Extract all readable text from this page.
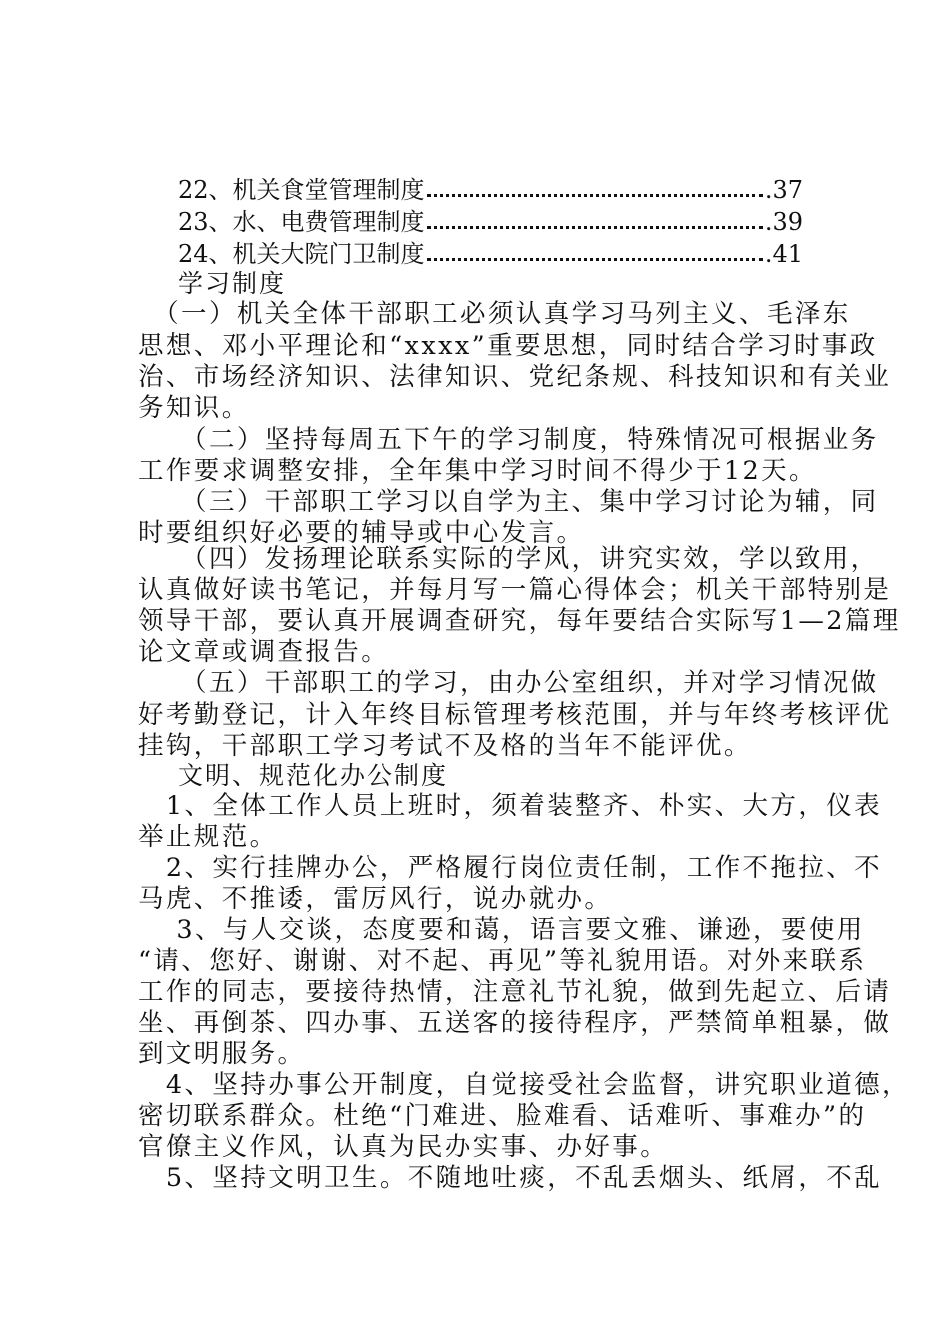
22、机关食堂管理制度	.37
23、水、电费管理制度	.39
24、机关大院门卫制度	.41
学习制度
　（一）机关全体干部职工必须认真学习马列主义、毛泽东
思想、邓小平理论和“xxxx”重要思想，同时结合学习时事政
治、市场经济知识、法律知识、党纪条规、科技知识和有关业
务知识。
　　（二）坚持每周五下午的学习制度，特殊情况可根据业务
工作要求调整安排，全年集中学习时间不得少于12天。
　　（三）干部职工学习以自学为主、集中学习讨论为辅，同
时要组织好必要的辅导或中心发言。
　　（四）发扬理论联系实际的学风，讲究实效，学以致用，
认真做好读书笔记，并每月写一篇心得体会；机关干部特别是
领导干部，要认真开展调查研究，每年要结合实际写1—2篇理
论文章或调查报告。
　　（五）干部职工的学习，由办公室组织，并对学习情况做
好考勤登记，计入年终目标管理考核范围，并与年终考核评优
挂钩，干部职工学习考试不及格的当年不能评优。
文明、规范化办公制度
　1、全体工作人员上班时，须着装整齐、朴实、大方，仪表
举止规范。
　2、实行挂牌办公，严格履行岗位责任制，工作不拖拉、不
马虎、不推诿，雷厉风行，说办就办。
　 3、与人交谈，态度要和蔼，语言要文雅、谦逊，要使用
“请、您好、谢谢、对不起、再见”等礼貌用语。对外来联系
工作的同志，要接待热情，注意礼节礼貌，做到先起立、后请
坐、再倒茶、四办事、五送客的接待程序，严禁简单粗暴，做
到文明服务。
　4、坚持办事公开制度，自觉接受社会监督，讲究职业道德，
密切联系群众。杜绝“门难进、脸难看、话难听、事难办”的
官僚主义作风，认真为民办实事、办好事。
　5、坚持文明卫生。不随地吐痰，不乱丢烟头、纸屑，不乱
